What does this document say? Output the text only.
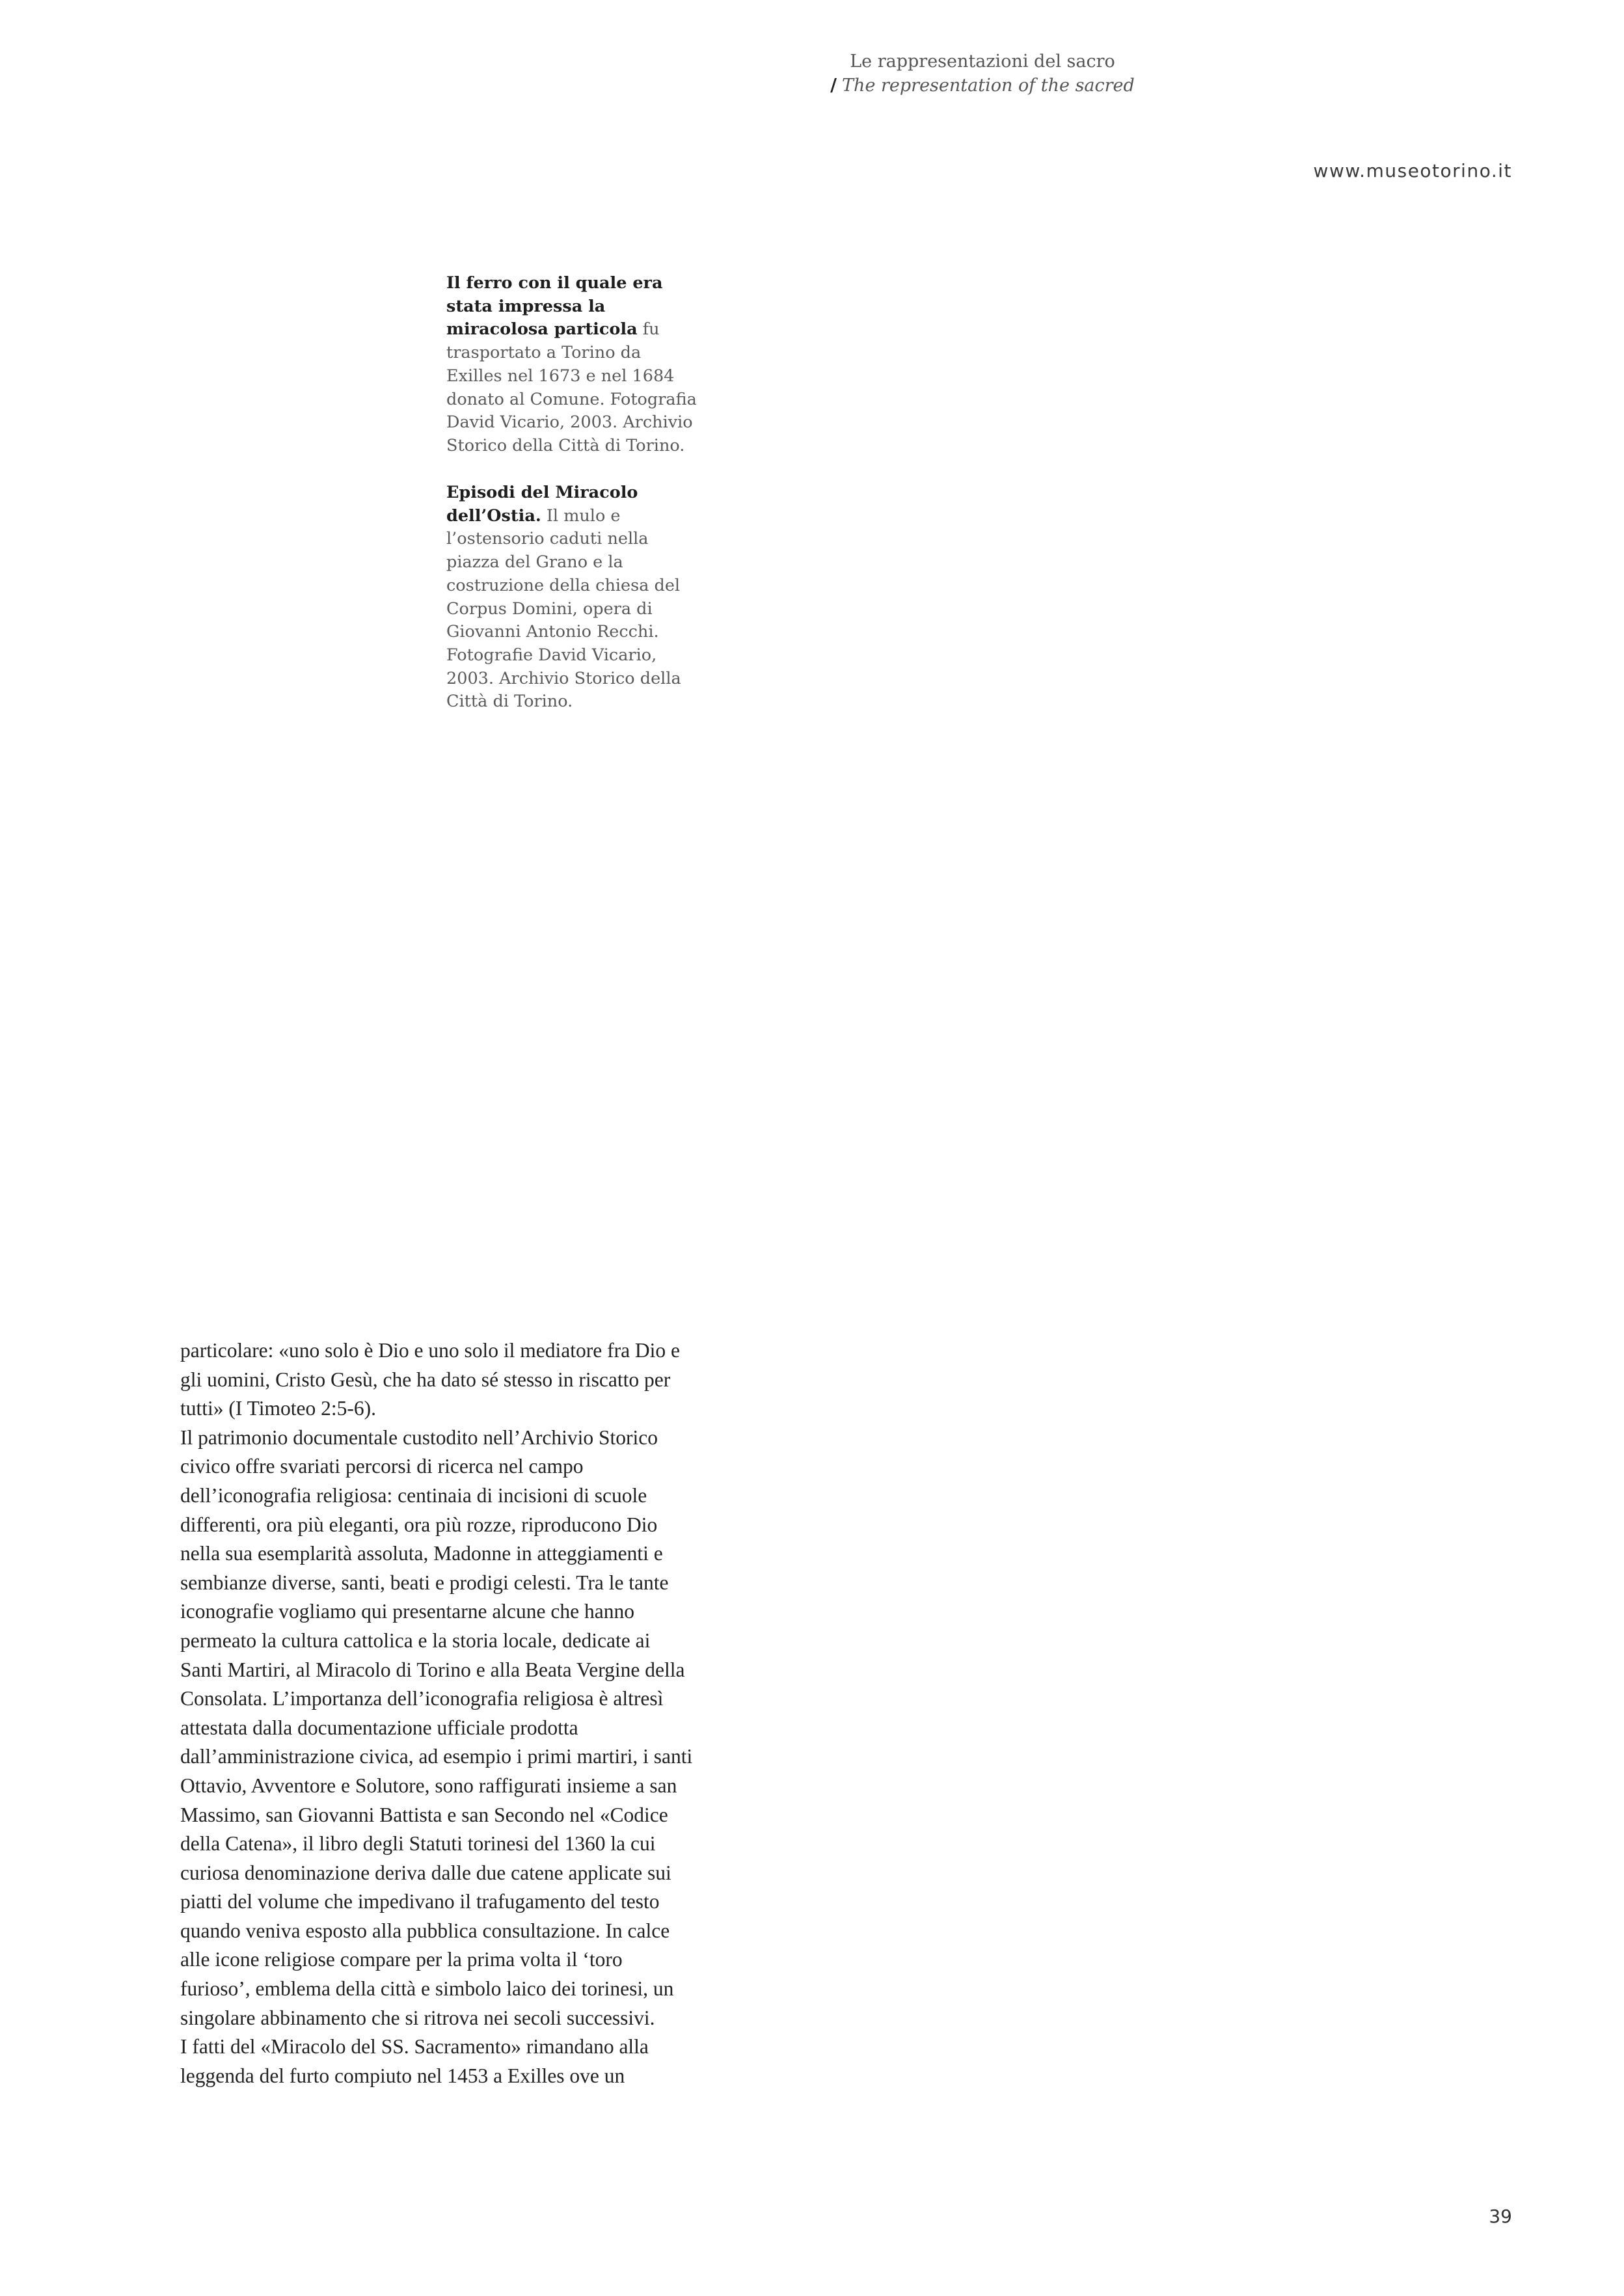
Le rappresentazioni del sacro
/ The representation of the sacred
www.museotorino.it

Il ferro con il quale era stata impressa la miracolosa particola fu trasportato a Torino da Exilles nel 1673 e nel 1684 donato al Comune. Fotografia David Vicario, 2003. Archivio Storico della Città di Torino.

Episodi del Miracolo dell’Ostia. Il mulo e l’ostensorio caduti nella piazza del Grano e la costruzione della chiesa del Corpus Domini, opera di Giovanni Antonio Recchi. Fotografie David Vicario, 2003. Archivio Storico della Città di Torino.

particolare: «uno solo è Dio e uno solo il mediatore fra Dio e gli uomini, Cristo Gesù, che ha dato sé stesso in riscatto per tutti» (I Timoteo 2:5-6).

Il patrimonio documentale custodito nell’Archivio Storico civico offre svariati percorsi di ricerca nel campo dell’iconografia religiosa: centinaia di incisioni di scuole differenti, ora più eleganti, ora più rozze, riproducono Dio nella sua esemplarità assoluta, Madonne in atteggiamenti e sembianze diverse, santi, beati e prodigi celesti. Tra le tante iconografie vogliamo qui presentarne alcune che hanno permeato la cultura cattolica e la storia locale, dedicate ai Santi Martiri, al Miracolo di Torino e alla Beata Vergine della Consolata. L’importanza dell’iconografia religiosa è altresì attestata dalla documentazione ufficiale prodotta dall’amministrazione civica, ad esempio i primi martiri, i santi Ottavio, Avventore e Solutore, sono raffigurati insieme a san Massimo, san Giovanni Battista e san Secondo nel «Codice della Catena», il libro degli Statuti torinesi del 1360 la cui curiosa denominazione deriva dalle due catene applicate sui piatti del volume che impedivano il trafugamento del testo quando veniva esposto alla pubblica consultazione. In calce alle icone religiose compare per la prima volta il ‘toro furioso’, emblema della città e simbolo laico dei torinesi, un singolare abbinamento che si ritrova nei secoli successivi.

I fatti del «Miracolo del SS. Sacramento» rimandano alla leggenda del furto compiuto nel 1453 a Exilles ove un

39
